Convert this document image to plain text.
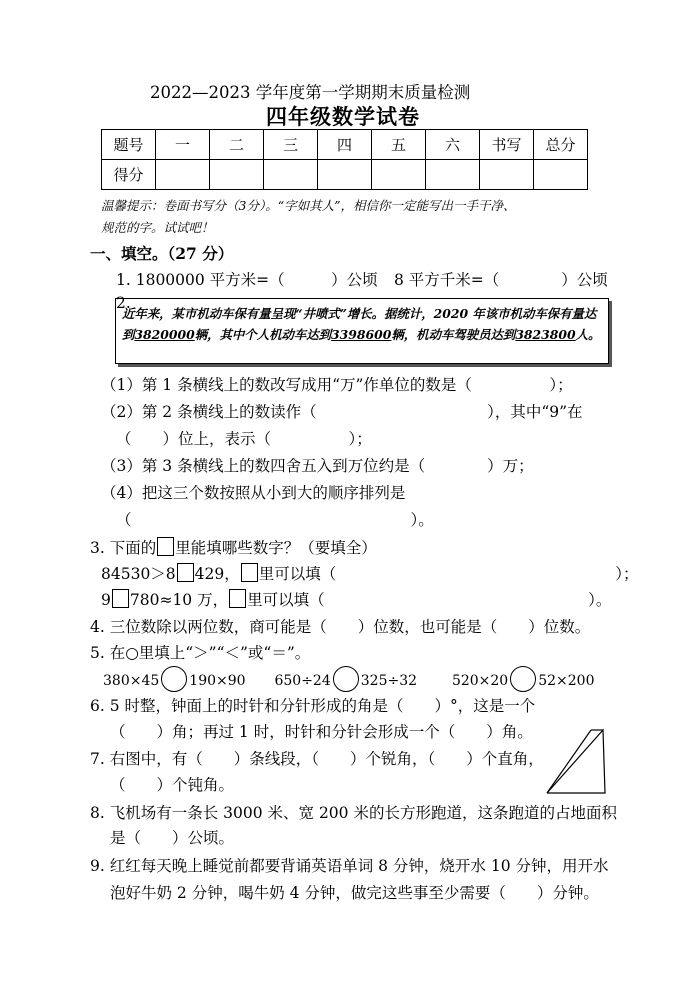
2022—2023 学年度第一学期期末质量检测
四年级数学试卷
题号	一	二	三	四	五	六	书写	总分
得分								
温馨提示：卷面书写分（3分）。“字如其人”，相信你一定能写出一手干净、
规范的字。试试吧！
一、填空。（27 分）
1. 1800000 平方米=（　　　）公顷 8 平方千米=（　　　　）公顷
2.

近年来，某市机动车保有量呈现“井喷式”增长。据统计，2020 年该市机动车保有量达到3820000辆，其中个人机动车达到3398600辆，机动车驾驶员达到3823800人。

（1）第 1 条横线上的数改写成用“万”作单位的数是（　　　　　）；
（2）第 2 条横线上的数读作（　　　　　　　　　　　），其中“9”在
（　　）位上，表示（　　　　　）；
（3）第 3 条横线上的数四舍五入到万位约是（　　　　）万；
（4）把这三个数按照从小到大的顺序排列是
（　　　　　　　　　　　　　　　　　　）。
3. 下面的 里能填哪些数字？（要填全）
84530＞8 429， 里可以填（　　　　　　　　　　　　　　　　　　）；
9 780≈10 万， 里可以填（　　　　　　　　　　　　　　　　　）。
4. 三位数除以两位数，商可能是（　　）位数，也可能是（　　）位数。
5. 在○里填上“＞”“＜”或“＝”。
380×45 190×90 650÷24 325÷32 520×20 52×200
6. 5 时整，钟面上的时针和分针形成的角是（　　）°，这是一个
（　　）角；再过 1 时，时针和分针会形成一个（　　）角。
7. 右图中，有（　　）条线段，（　　）个锐角，（　　）个直角，
（　　）个钝角。
8. 飞机场有一条长 3000 米、宽 200 米的长方形跑道，这条跑道的占地面积
是（　　）公顷。
9. 红红每天晚上睡觉前都要背诵英语单词 8 分钟，烧开水 10 分钟，用开水
泡好牛奶 2 分钟，喝牛奶 4 分钟，做完这些事至少需要（　　）分钟。
